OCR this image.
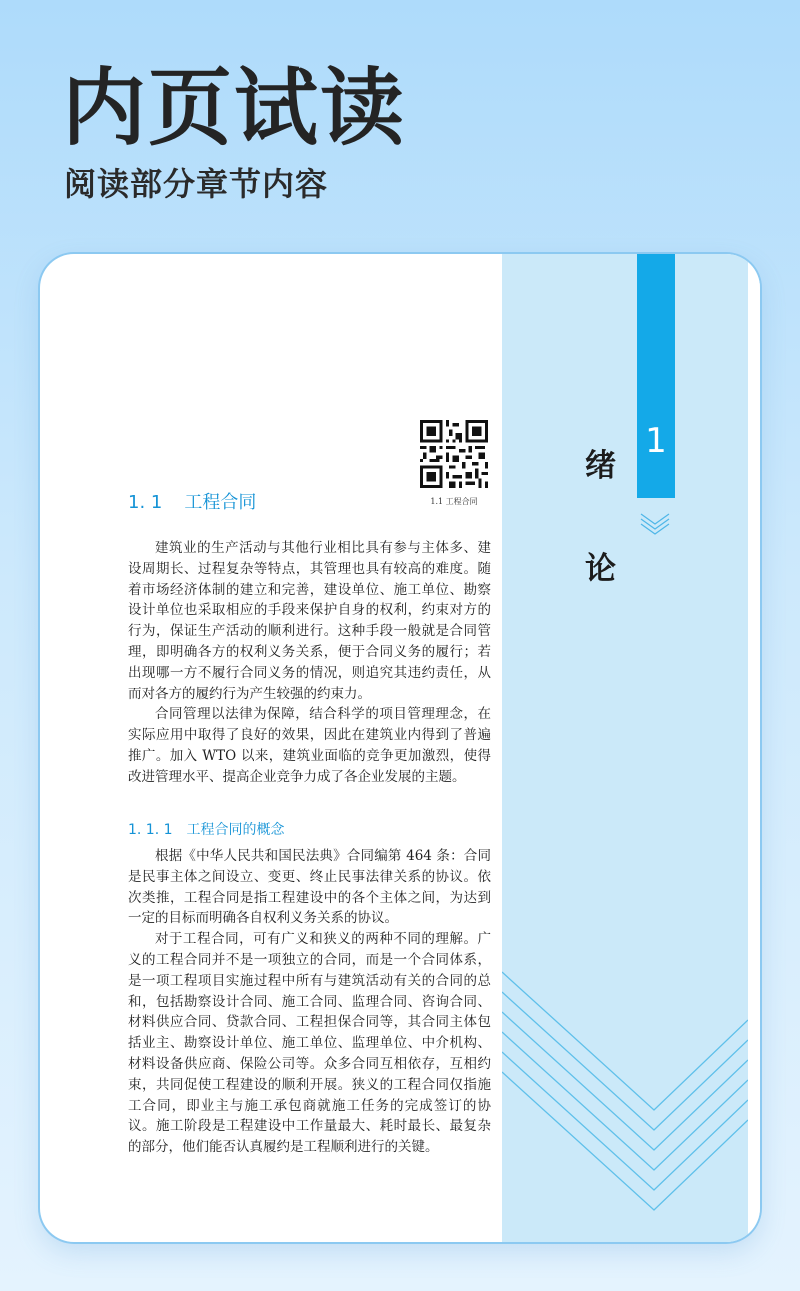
内页试读
阅读部分章节内容
1
绪
论
1.1 工程合同
1. 1 工程合同

建筑业的生产活动与其他行业相比具有参与主体多、建设周期长、过程复杂等特点，其管理也具有较高的难度。随着市场经济体制的建立和完善，建设单位、施工单位、勘察设计单位也采取相应的手段来保护自身的权利，约束对方的行为，保证生产活动的顺利进行。这种手段一般就是合同管理，即明确各方的权利义务关系，便于合同义务的履行；若出现哪一方不履行合同义务的情况，则追究其违约责任，从而对各方的履约行为产生较强的约束力。

合同管理以法律为保障，结合科学的项目管理理念，在实际应用中取得了良好的效果，因此在建筑业内得到了普遍推广。加入 WTO 以来，建筑业面临的竞争更加激烈，使得改进管理水平、提高企业竞争力成了各企业发展的主题。

1. 1. 1 工程合同的概念

根据《中华人民共和国民法典》合同编第 464 条：合同是民事主体之间设立、变更、终止民事法律关系的协议。依次类推，工程合同是指工程建设中的各个主体之间，为达到一定的目标而明确各自权利义务关系的协议。

对于工程合同，可有广义和狭义的两种不同的理解。广义的工程合同并不是一项独立的合同，而是一个合同体系，是一项工程项目实施过程中所有与建筑活动有关的合同的总和，包括勘察设计合同、施工合同、监理合同、咨询合同、材料供应合同、贷款合同、工程担保合同等，其合同主体包括业主、勘察设计单位、施工单位、监理单位、中介机构、材料设备供应商、保险公司等。众多合同互相依存，互相约束，共同促使工程建设的顺利开展。狭义的工程合同仅指施工合同，即业主与施工承包商就施工任务的完成签订的协议。施工阶段是工程建设中工作量最大、耗时最长、最复杂的部分，他们能否认真履约是工程顺利进行的关键。
